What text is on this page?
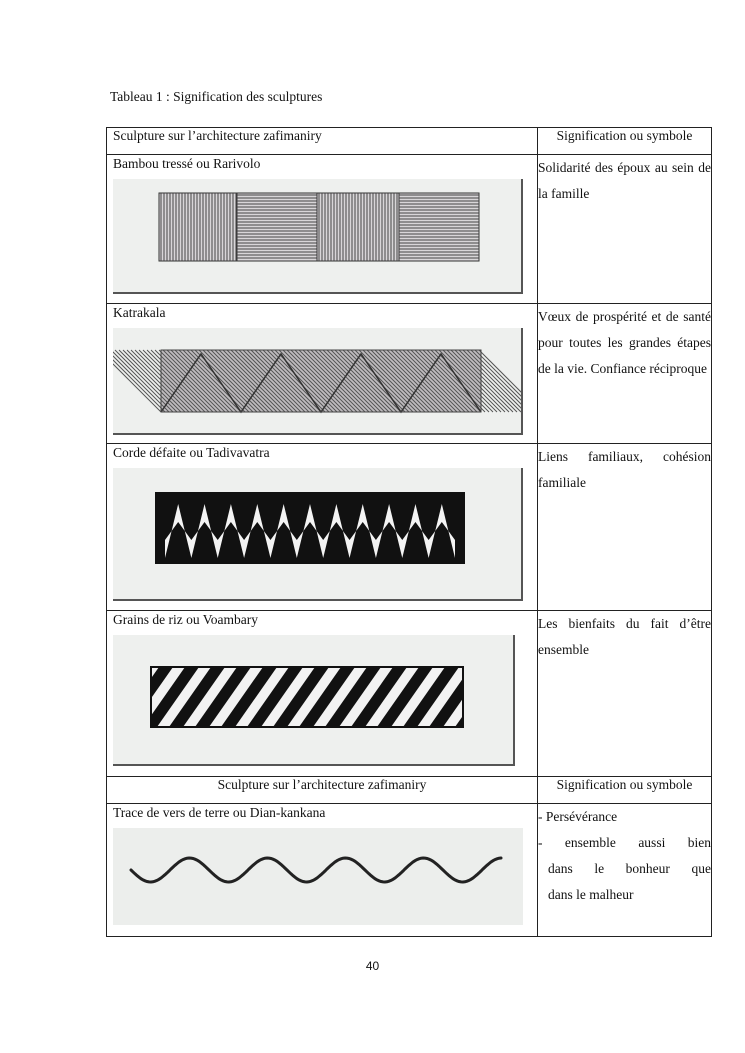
Tableau 1 : Signification des sculptures
Sculpture sur l’architecture zafimaniry	Signification ou symbole

Bambou tressé ou Rarivolo	Solidarité des époux au sein de la famille

Katrakala	Vœux de prospérité et de santé pour toutes les grandes étapes de la vie. Confiance réciproque

Corde défaite ou Tadivavatra	Liens familiaux, cohésion familiale

Grains de riz ou Voambary	Les bienfaits du fait d’être ensemble

Sculpture sur l’architecture zafimaniry	Signification ou symbole

Trace de vers de terre ou Dian-kankana	- Persévérance
- ensemble aussi bien
dans le bonheur que
dans le malheur
40
